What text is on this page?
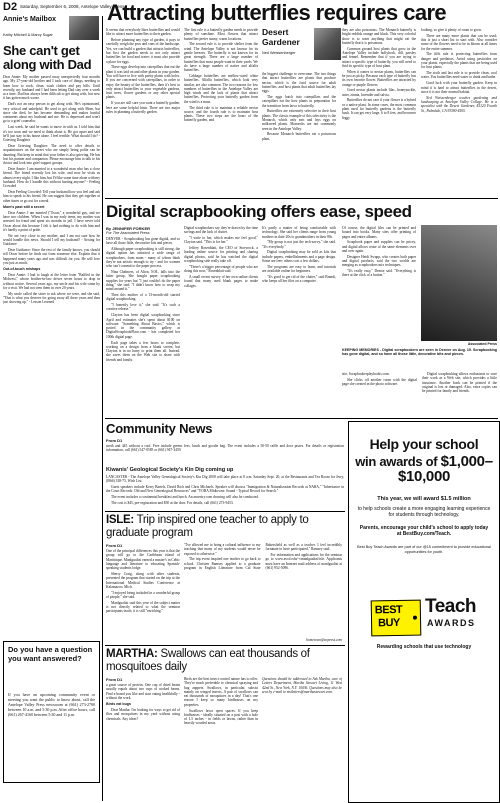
D2 Saturday, September 6, 2008, Antelope Valley Press
Attracting butterflies requires care
Annie's Mailbox
Kathy Mitchell & Marcy Sugar
She can't get along with Dad

Dear Annie: My mother passed away unexpectedly four months ago. My 27-year-old brother and I took care of things, needing to learn how to cook, clean, wash clothes and pay bills. Until recently, my husband and I had been letting Dad stay over a week at a time. Dad has always been difficult to get along with, but now it has gotten much worse.

Dad's not an easy person to get along with. He's opinionated, very critical and unhelpful. He used to get along with Mom, but since she died, he has become demanding and makes hurtful comments about my husband and me. He is depressed and won't go to a grief counselor.

Last week, he said he wants to move in with us. I told him that it's too soon and we need to think about it. He got upset and said he'll just stay in his house alone. I feel terrible. What should I do? - Grieving Daughter

Dear Grieving Daughter: The need to offer details to acquaintances on the street who are simply being polite can be daunting. But keep in mind that your father is also grieving. He has lost his partner and companion. Please encourage him to talk to his doctor and look into grief support groups.

Dear Annie: I am married to a wonderful man who has a close friend. The friend recently lost his wife, and now he visits us almost every night. I like him, but I'd like some time alone with my husband. How do I handle this without hurting anyone? - Feeling Crowded

Dear Feeling Crowded: Tell your husband how you feel and ask him to speak to his friend. He can suggest that they get together at other times or go out for a meal.

Mom's past still a secret

Dear Annie: I am married ("Oscar," a wonderful guy, and we have two children. When I was in my early teens, my mother was arrested for fraud and spent six months in jail. I have never told Oscar about this because I felt it had nothing to do with him and it's hardly a point of pride.

We are very close to my mother, and I am not sure how he would handle this news. Should I tell my husband? - Arising for Guidance

Dear Guidance: Since the rest of the family knows, you should tell Oscar before he finds out from someone else. Explain that it happened many years ago and was difficult for you. He will love you just as much.

Out-of-touch mishaps

Dear Annie: I had to laugh at the letter from "Baffled in the Midwest," whose brother-in-law drives seven hours to drop in without notice. Several years ago, my uncle and his wife came by for a visit. We had not seen them in over 20 years.

My uncle called the sister to ask where we were, and she said, "That is what you deserve for going away all these years and then just showing up." - Lesson Learned

Do you have a question you want answered?
If you have an upcoming community event or meeting you want the public to know about, call the Antelope Valley Press newsroom at (661) 273-2700 between 10 a.m. and 5:30 p.m. After office hours, call (661) 267-4160 between 5:30 and 11 p.m.

It seems that everybody likes butterflies and would like to attract more butterflies to their garden.

Before planning any type of garden, it pays to carefully weigh the pros and cons of the landscape. Yes, we can build a garden that attracts butterflies, but first the garden needs to not only attract butterflies for food and water; it must also provide a place for eggs.

These eggs develop into caterpillars that eat the plant it was laid on and other plants in your garden. You will have to live with pretty plants with holes. If you are concerned with caterpillars, in order to enjoy the beauty of the butterflies, then it's best to only attract butterflies to your vegetable gardens, fruit trees, flower gardens or any other special plants.

If you are still sure you want a butterfly garden, here are some helpful hints. There are two major rules in planning a butterfly garden.

The first rule is a butterfly garden needs to provide plenty of sunshine. Most flowers that attract butterflies prefer sunny, warm locations.

The second rule is to provide shelter from the wind. The Antelope Valley is not known for its gentle breezes. The butterfly is not known for its great strength. There are a large number of butterflies that most people want in their yards. We do have a large number of native and alfalfa butterflies.

Cabbage butterflies are mellow-sized white butterflies. Alfalfa butterflies, which look very similar, are also common. The two reasons for low numbers of butterflies in the Antelope Valley are high winds and the lack of plants that attract butterflies. Protecting your butterfly garden from the wind is a must.

The third rule is to maintain a reliable nectar source, and the fourth rule is to maintain host plants. These two steps are the heart of the butterfly garden, and

Desert Gardener
Ned Weissenberger

the biggest challenge to overcome. The two things that attract butterflies are plants that produce nectar, which is the food source for adult butterflies, and host plants that adult butterflies lay eggs.

The eggs hatch into caterpillars and the caterpillars eat the host plants in preparation for the transition from larva to butterfly.

Butterflies are extremely selective in their host plants. The classic example of this selectivity is the Monarch, which only eats and lays eggs on milkweed plants. Monarchs are not commonly seen in the Antelope Valley.

Because Monarch butterflies eat a poisonous plant,

they are also poisonous. The Monarch butterfly is bright reddish orange and black. This very colorful show is to warn anything that might eat the butterfly that it is poisonous.

Common ground host plants that grow in the Antelope Valley include hollyhock, dill, parsley and fennel. Remember that if you are trying to attract a specific type of butterfly, you will need to find its specific type of host plant.

When it comes to nectar plants, butterflies can be just as picky. Because each type of butterfly has its own favorite flower. Butterflies are attracted by orange or purple flowers.

Good nectar plants include lilac, honeysuckle, aster, zinnia, lavender and salvia.

Butterflies do not care if your flower is a hybrid or a native plant. In some cases, the most common plant used for butterfly gardens is the butterfly bush. It can get very large, 6 to 8 feet, and becomes leggy

looking, so give it plenty of room to grow.

There are many more plants that can be used; this is just a short list to start with. Also consider some of the flowers need to be in bloom at all times for the entire summer.

The fifth rule is protecting butterflies from danger and predators. Avoid using pesticides on your plants, especially the plants that are being used for host plants.

The sixth and last rule is to provide clean, cool water. You butterflies need water to drink and bathe.

Good luck with your butterfly garden. Keep in mind it is hard to attract butterflies in the desert, since it is not their normal habitat.

Ned Weissenberger teaches gardening and landscaping at Antelope Valley College. He is a specialist with the Desert Gardener, 45120 Fourth St., Palmdale, CA 93590-4505.

Digital scrapbooking offers ease, speed
By JENNIFER FORKER
For The Associated Press

DENVER - Scrapbooking has gone digital, and so have all those little, decorative bits and pieces.

Although paper scrapbooking is still strong, the digital option has attracted a wide range of scrapbookers, from mom - many of whom think they're not artistic enough to try - and for women who can't commit to the paper process.

Nina Chalmers, of Alton, N.H., falls into the latter group. She bought paper scrapbooking supplies for years but "I just couldn't do the paper thing," she said. "I didn't know how to wrap my mind around it."

Then this mother of a 13-month-old started digital scrapbooking.

"I honestly love it," she said. "It's such a creative release."

Clayton has been digital scrapbooking since April and estimates she's spent about $100 on software. "Something About Basics," which is posted in the community gallery at DigitalScrapbookPlace.com - has completed her 100th digital page.

Each page takes a few hours to complete, working on a design from a blank screen, but Clayton is in no hurry to print them all. Instead, she saves them on the Web site to share with friends and family.

Digital scrapbookers say they're drawn by the time savings and the lack of clutter.

"I write to her, which makes me feel good," Clayton said. "This is for her."

Jeffrey Rosenblatt, the CEO of Storyrock, a leading online source for printing and sharing digital photos, said he has watched the digital scrapbooking side really take off.

"There's a bigger percentage of people who are doing this now," Rosenblatt said.

A small recent survey of her own online clients found that many used blank pages to make collages.

It's partly a matter of being comfortable with technology. She said her clients range from young mothers in their 20s to grandmothers in their 80s.

"My group is not just the tech-savvy," she said. "It's everybody."

Digital scrapbooking may be sold as kits that include papers, embellishments and a page design. Some are free; others cost a few dollars.

The programs are easy to learn, and tutorials are available online for beginners.

"It's good to get rid of the clutter," said Brandt, who keeps all her files on a computer.

Of course, the digital files can be printed and bound into books. Many sites offer printing of pages and entire albums.

Scrapbook paper and supplies can be pricey, and digital allows reuse of the same elements over and over again.

Designer Heidi Swapp, who creates both paper and digital products, said the two worlds are merging as scrapbookers mix techniques.

"It's really easy," Denise said. "Everything is there at the click of a button."

Associated Press
KEEPING MEMORIES - Digital scrapbookers are seen in Denver on Aug. 19. Scrapbooking has gone digital, and so have all those little, decorative bits and pieces.

site, Scrapbookerplaybooks.com.

She clicks off another room with the digital page she created in the photo software.

Digital scrapbooking allows enthusiasts to save their work as a Web site, which provides a little insurance. Another book can be printed if the original is lost or damaged. Also, extra copies can be printed for family and friends.

Community News
From D1
north and 445 without a roof. Free include greens fees, lunch and goodie bag. The event includes a 50-50 raffle and door prizes. For details or registration information, call (661) 547-0585 or (661) 947-3459.
Kiwanis' Geological Society's Kin Dig coming up

LANCASTER - The Antelope Valley Genealogical Society's Kin Dig 2008 will take place at 8 a.m. Saturday Sept. 20, at the Restaurants and Tea Room for Jerry, (l866) 338-75, Wish List.

Guest speakers include Kerry Bartels, David Rich and Chris Michaels. Speaker will discuss "Immigration & Naturalization Records at NARA," "Inheritance in the Court Records: Old and New Genealogical Resources" and "YOBA Midtowns: Sound - Typical Record for Search."

The event includes a continental breakfast and lunch. An ancestry.com drawing will also be conducted.

The cost is $45, pre-registration and $50 at the door. For details, call (661) 273-9453.

ISLE: Trip inspired one teacher to apply to graduate program
From D1

One of the principal differences this year is that the group will go to the Caribbean island of Martinique. Manlgualtzi earned a master's in Celtic language and literature to educating Spanish-speaking students lodge.

Sherry Craig, along with other students, presented the program that started on the trip at the International Medical Studies Conference at Kalamazoo, Mich.

"I enjoyed being included in a wonderful group of people," she said.

Manlgualtzi said this year of the subject matter is not directly related to what the seminar participants teach; it is still "enriching."

"I've allowed me to bring a cultural influence to my teaching that many of my students would never be exposed to otherwise."

The trip event inspired one teacher to go back to school. Christen Ramsey applied to a graduate program in English Literature from Cal State Bakersfield as well as a teacher. I feel incredibly fortunate to have participated," Ramsey said.

For information and applications for the seminar go to www.avcd.edu/~cmanlgualtzi/isle. Applicants must have an Internet mail address of manlgualtzi at (661) 952-5096.

hometown@avpress.com
MARTHA: Swallows can eat thousands of mosquitoes daily
From D1

a great source of protein. One cup of dried beans usually equals about two cups of cooked beans. Find a brand you like and start eating healthfully - without the work.

Birds eat bugs

Dear Martha: I'm looking for ways to get rid of flies and mosquitoes in my yard without using chemicals. Any ideas?

Birds are the best insect control nature has to offer. They're much preferable to chemical spraying and bug zappers. Swallows, in particular, subsist mainly on winged insects. A pair of swallows can eat thousands of mosquitoes in a day! That's one reason I keep so many birdhouses on my properties.

Swallows favor open spaces. If you keep birdhouses - ideally situated on a post with a hole of 1.5 inches - in fields or lawns, rather than in heavily wooded areas.

Questions should be addressed to Ask Martha, care of Letters Department, Martha Stewart Living, 11 West 42nd St., New York, N.Y. 10036. Questions may also be sent by e-mail to mstletters@marthastewart.com.

Help your school
win awards of $1,000–$10,000
This year, we will award $1.5 million
to help schools create a more engaging learning experience for students through technology.
Parents, encourage your child's school to apply today at BestBuy.com/Teach.
Best Buy Teach Awards are part of our @15 commitment to provide educational opportunities for youth.
BEST
BUY
Teach
AWARDS
Rewarding schools that use technology
